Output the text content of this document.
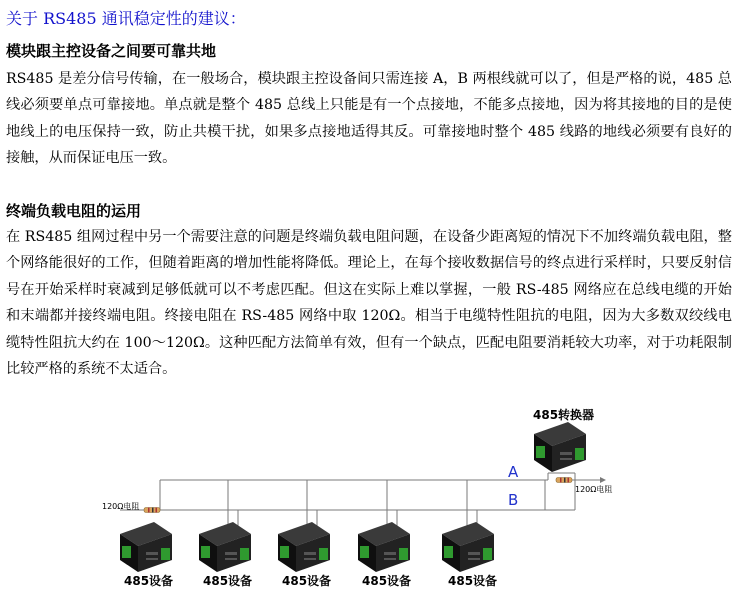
关于 RS485 通讯稳定性的建议：
模块跟主控设备之间要可靠共地
RS485 是差分信号传输，在一般场合，模块跟主控设备间只需连接 A，B 两根线就可以了，但是严格的说，485 总线必须要单点可靠接地。单点就是整个 485 总线上只能是有一个点接地，不能多点接地，因为将其接地的目的是使地线上的电压保持一致，防止共模干扰，如果多点接地适得其反。可靠接地时整个 485 线路的地线必须要有良好的接触，从而保证电压一致。
终端负载电阻的运用
在 RS485 组网过程中另一个需要注意的问题是终端负载电阻问题，在设备少距离短的情况下不加终端负载电阻，整个网络能很好的工作，但随着距离的增加性能将降低。理论上，在每个接收数据信号的终点进行采样时，只要反射信号在开始采样时衰减到足够低就可以不考虑匹配。但这在实际上难以掌握，一般 RS-485 网络应在总线电缆的开始和末端都并接终端电阻。终接电阻在 RS-485 网络中取 120Ω。相当于电缆特性阻抗的电阻，因为大多数双绞线电缆特性阻抗大约在 100～120Ω。这种匹配方法简单有效，但有一个缺点，匹配电阻要消耗较大功率，对于功耗限制比较严格的系统不太适合。
A
B
120Ω电阻
120Ω电阻
485转换器
485设备 485设备 485设备	485设备	485设备
